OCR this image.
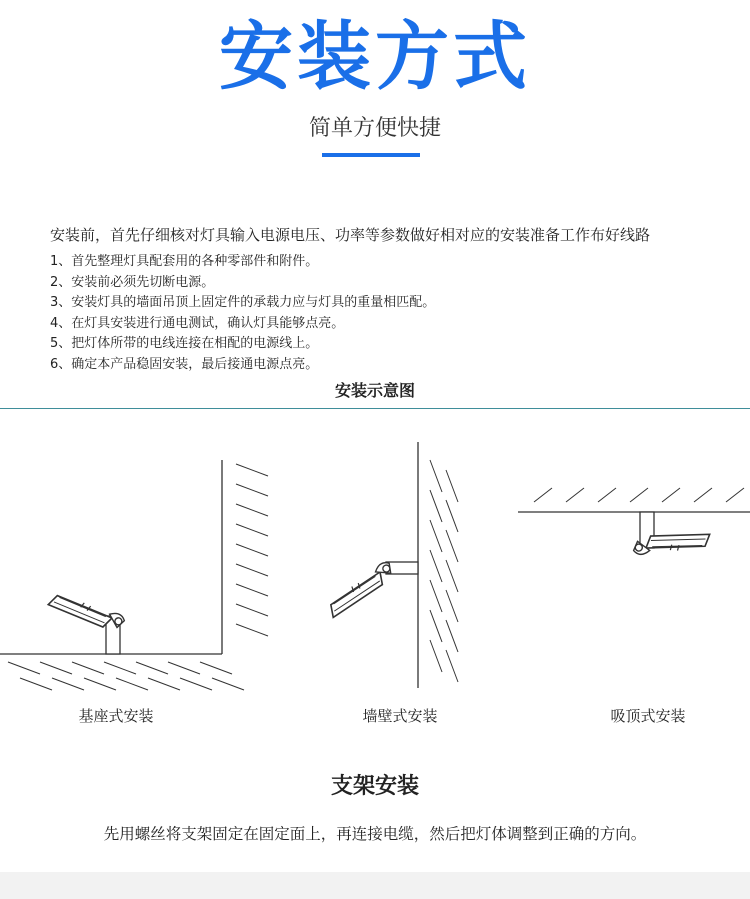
安装方式
简单方便快捷
安装前，首先仔细核对灯具输入电源电压、功率等参数做好相对应的安装准备工作布好线路
1、首先整理灯具配套用的各种零部件和附件。
2、安装前必须先切断电源。
3、安装灯具的墙面吊顶上固定件的承载力应与灯具的重量相匹配。
4、在灯具安装进行通电测试，确认灯具能够点亮。
5、把灯体所带的电线连接在相配的电源线上。
6、确定本产品稳固安装，最后接通电源点亮。
安装示意图
基座式安装	墙壁式安装	吸顶式安装
支架安装
先用螺丝将支架固定在固定面上，再连接电缆，然后把灯体调整到正确的方向。
